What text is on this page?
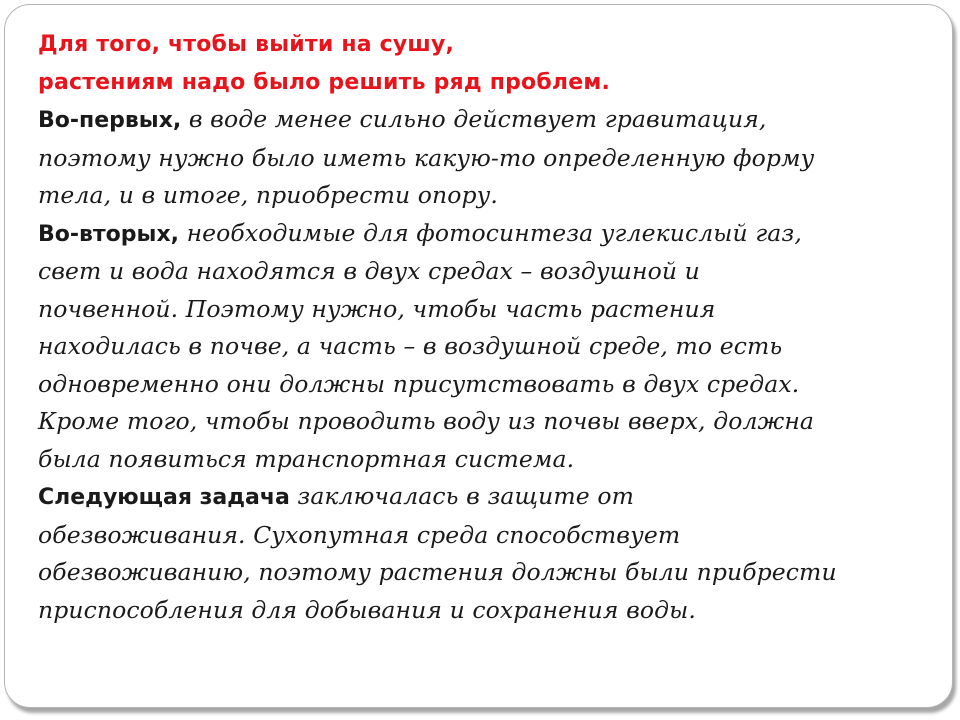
Для того, чтобы выйти на сушу,

растениям надо было решить ряд проблем.

Во-первых, в воде менее сильно действует гравитация,

поэтому нужно было иметь какую-то определенную форму

тела, и в итоге, приобрести опору.

Во-вторых, необходимые для фотосинтеза углекислый газ,

свет и вода находятся в двух средах – воздушной и

почвенной. Поэтому нужно, чтобы часть растения

находилась в почве, а часть – в воздушной среде, то есть

одновременно они должны присутствовать в двух средах.

Кроме того, чтобы проводить воду из почвы вверх, должна

была появиться транспортная система.

Следующая задача заключалась в защите от

обезвоживания. Сухопутная среда способствует

обезвоживанию, поэтому растения должны были прибрести

приспособления для добывания и сохранения воды.
